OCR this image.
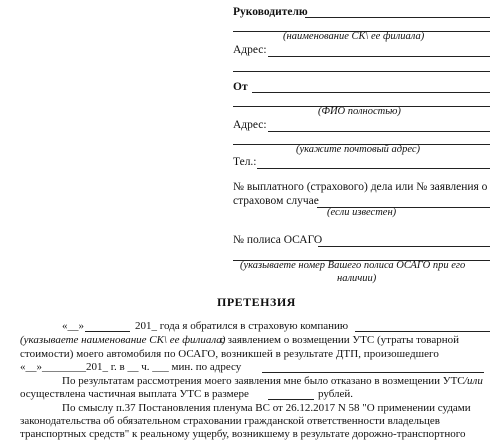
Руководителю
(наименование СК\ ее филиала)
Адрес:
От
(ФИО полностью)
Адрес:
(укажите почтовый адрес)
Тел.:
№ выплатного (страхового) дела или № заявления о
страховом случае
(если известен)
№ полиса ОСАГО
(указываете номер Вашего полиса ОСАГО при его
наличии)
ПРЕТЕНЗИЯ
«__»	201_ года я обратился в страховую компанию
(указываете наименование СК\ ее филиала)
с заявлением о возмещении УТС (утраты товарной
стоимости) моего автомобиля по ОСАГО, возникшей в результате ДТП, произошедшего
«__»________201_ г. в __ ч. ___ мин. по адресу
По результатам рассмотрения моего заявления мне было отказано в возмещении УТС /или
осуществлена частичная выплата УТС в размере	рублей.
По смыслу п.37 Постановления пленума ВС от 26.12.2017 N 58 "О применении судами
законодательства об обязательном страховании гражданской ответственности владельцев
транспортных средств" к реальному ущербу, возникшему в результате дорожно-транспортного
